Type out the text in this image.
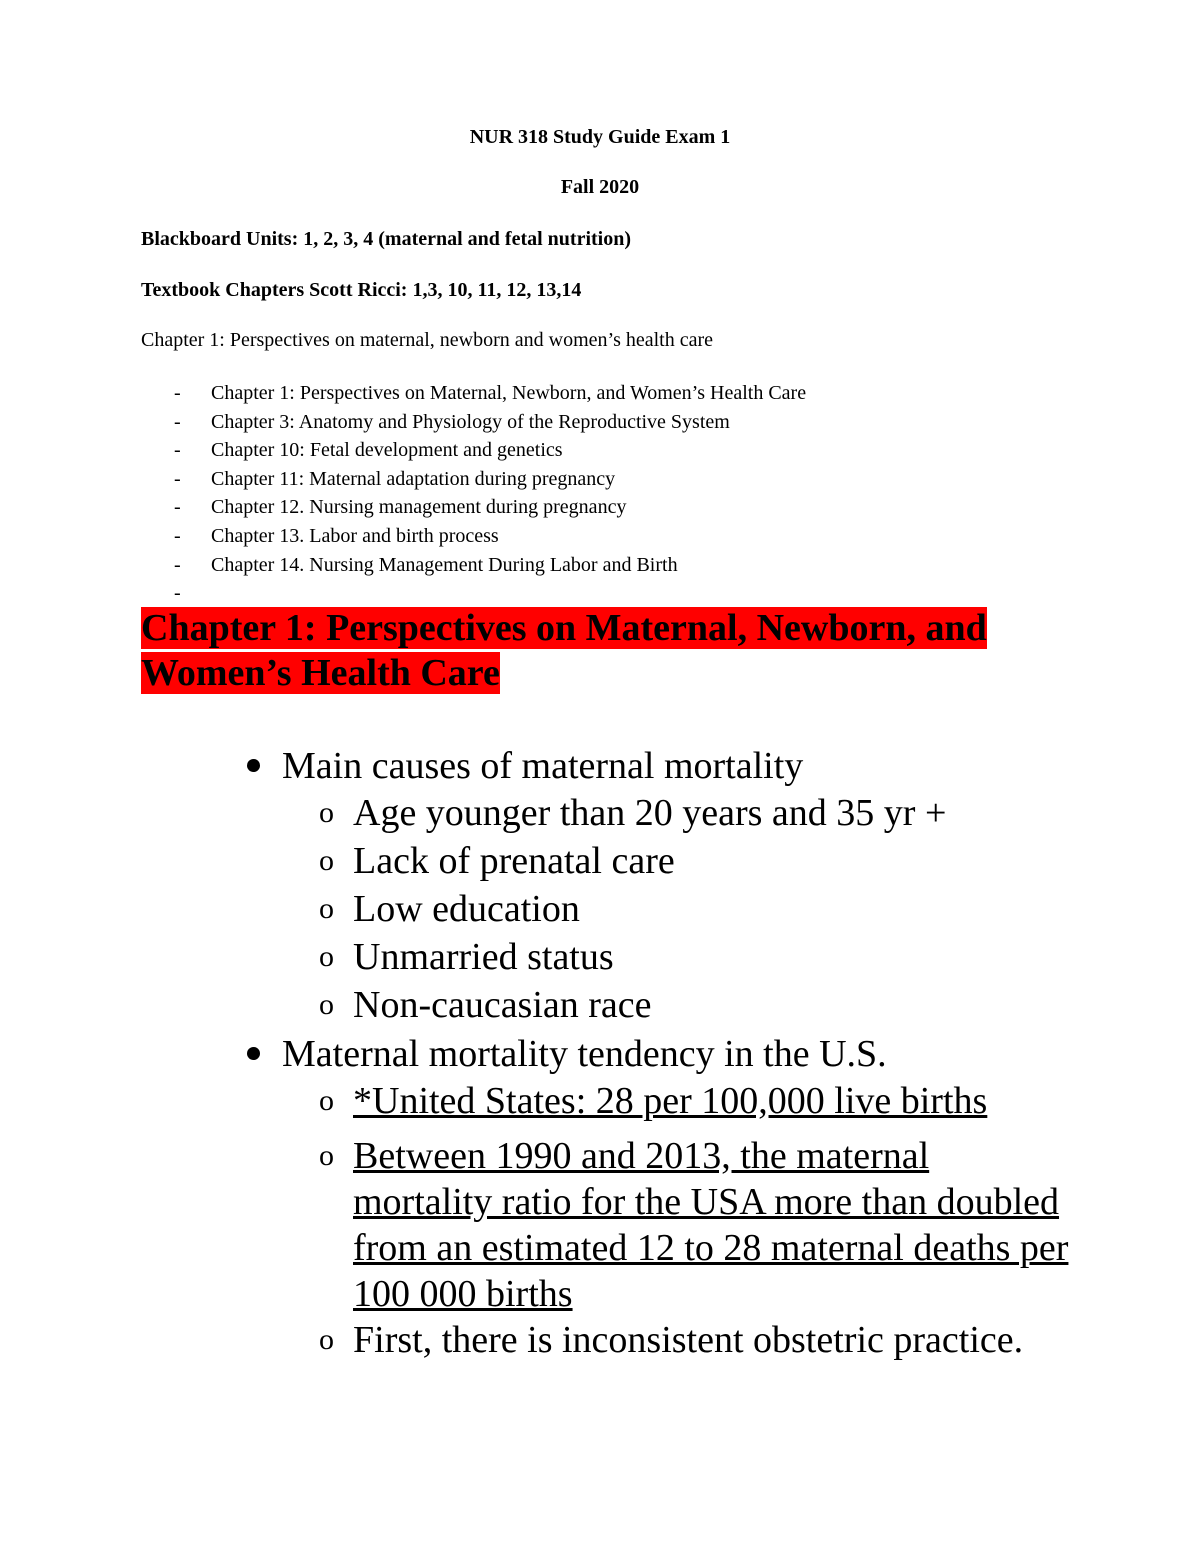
NUR 318 Study Guide Exam 1
Fall 2020
Blackboard Units: 1, 2, 3, 4 (maternal and fetal nutrition)
Textbook Chapters Scott Ricci: 1,3, 10, 11, 12, 13,14
Chapter 1: Perspectives on maternal, newborn and women’s health care
- Chapter 1: Perspectives on Maternal, Newborn, and Women’s Health Care
- Chapter 3: Anatomy and Physiology of the Reproductive System
- Chapter 10: Fetal development and genetics
- Chapter 11: Maternal adaptation during pregnancy
- Chapter 12. Nursing management during pregnancy
- Chapter 13. Labor and birth process
- Chapter 14. Nursing Management During Labor and Birth
-
Chapter 1: Perspectives on Maternal, Newborn, and Women’s Health Care
Main causes of maternal mortality
o Age younger than 20 years and 35 yr +
o Lack of prenatal care
o Low education
o Unmarried status
o Non-caucasian race
Maternal mortality tendency in the U.S.
o *United States: 28 per 100,000 live births
o Between 1990 and 2013, the maternal mortality ratio for the USA more than doubled from an estimated 12 to 28 maternal deaths per 100 000 births
o First, there is inconsistent obstetric practice.
